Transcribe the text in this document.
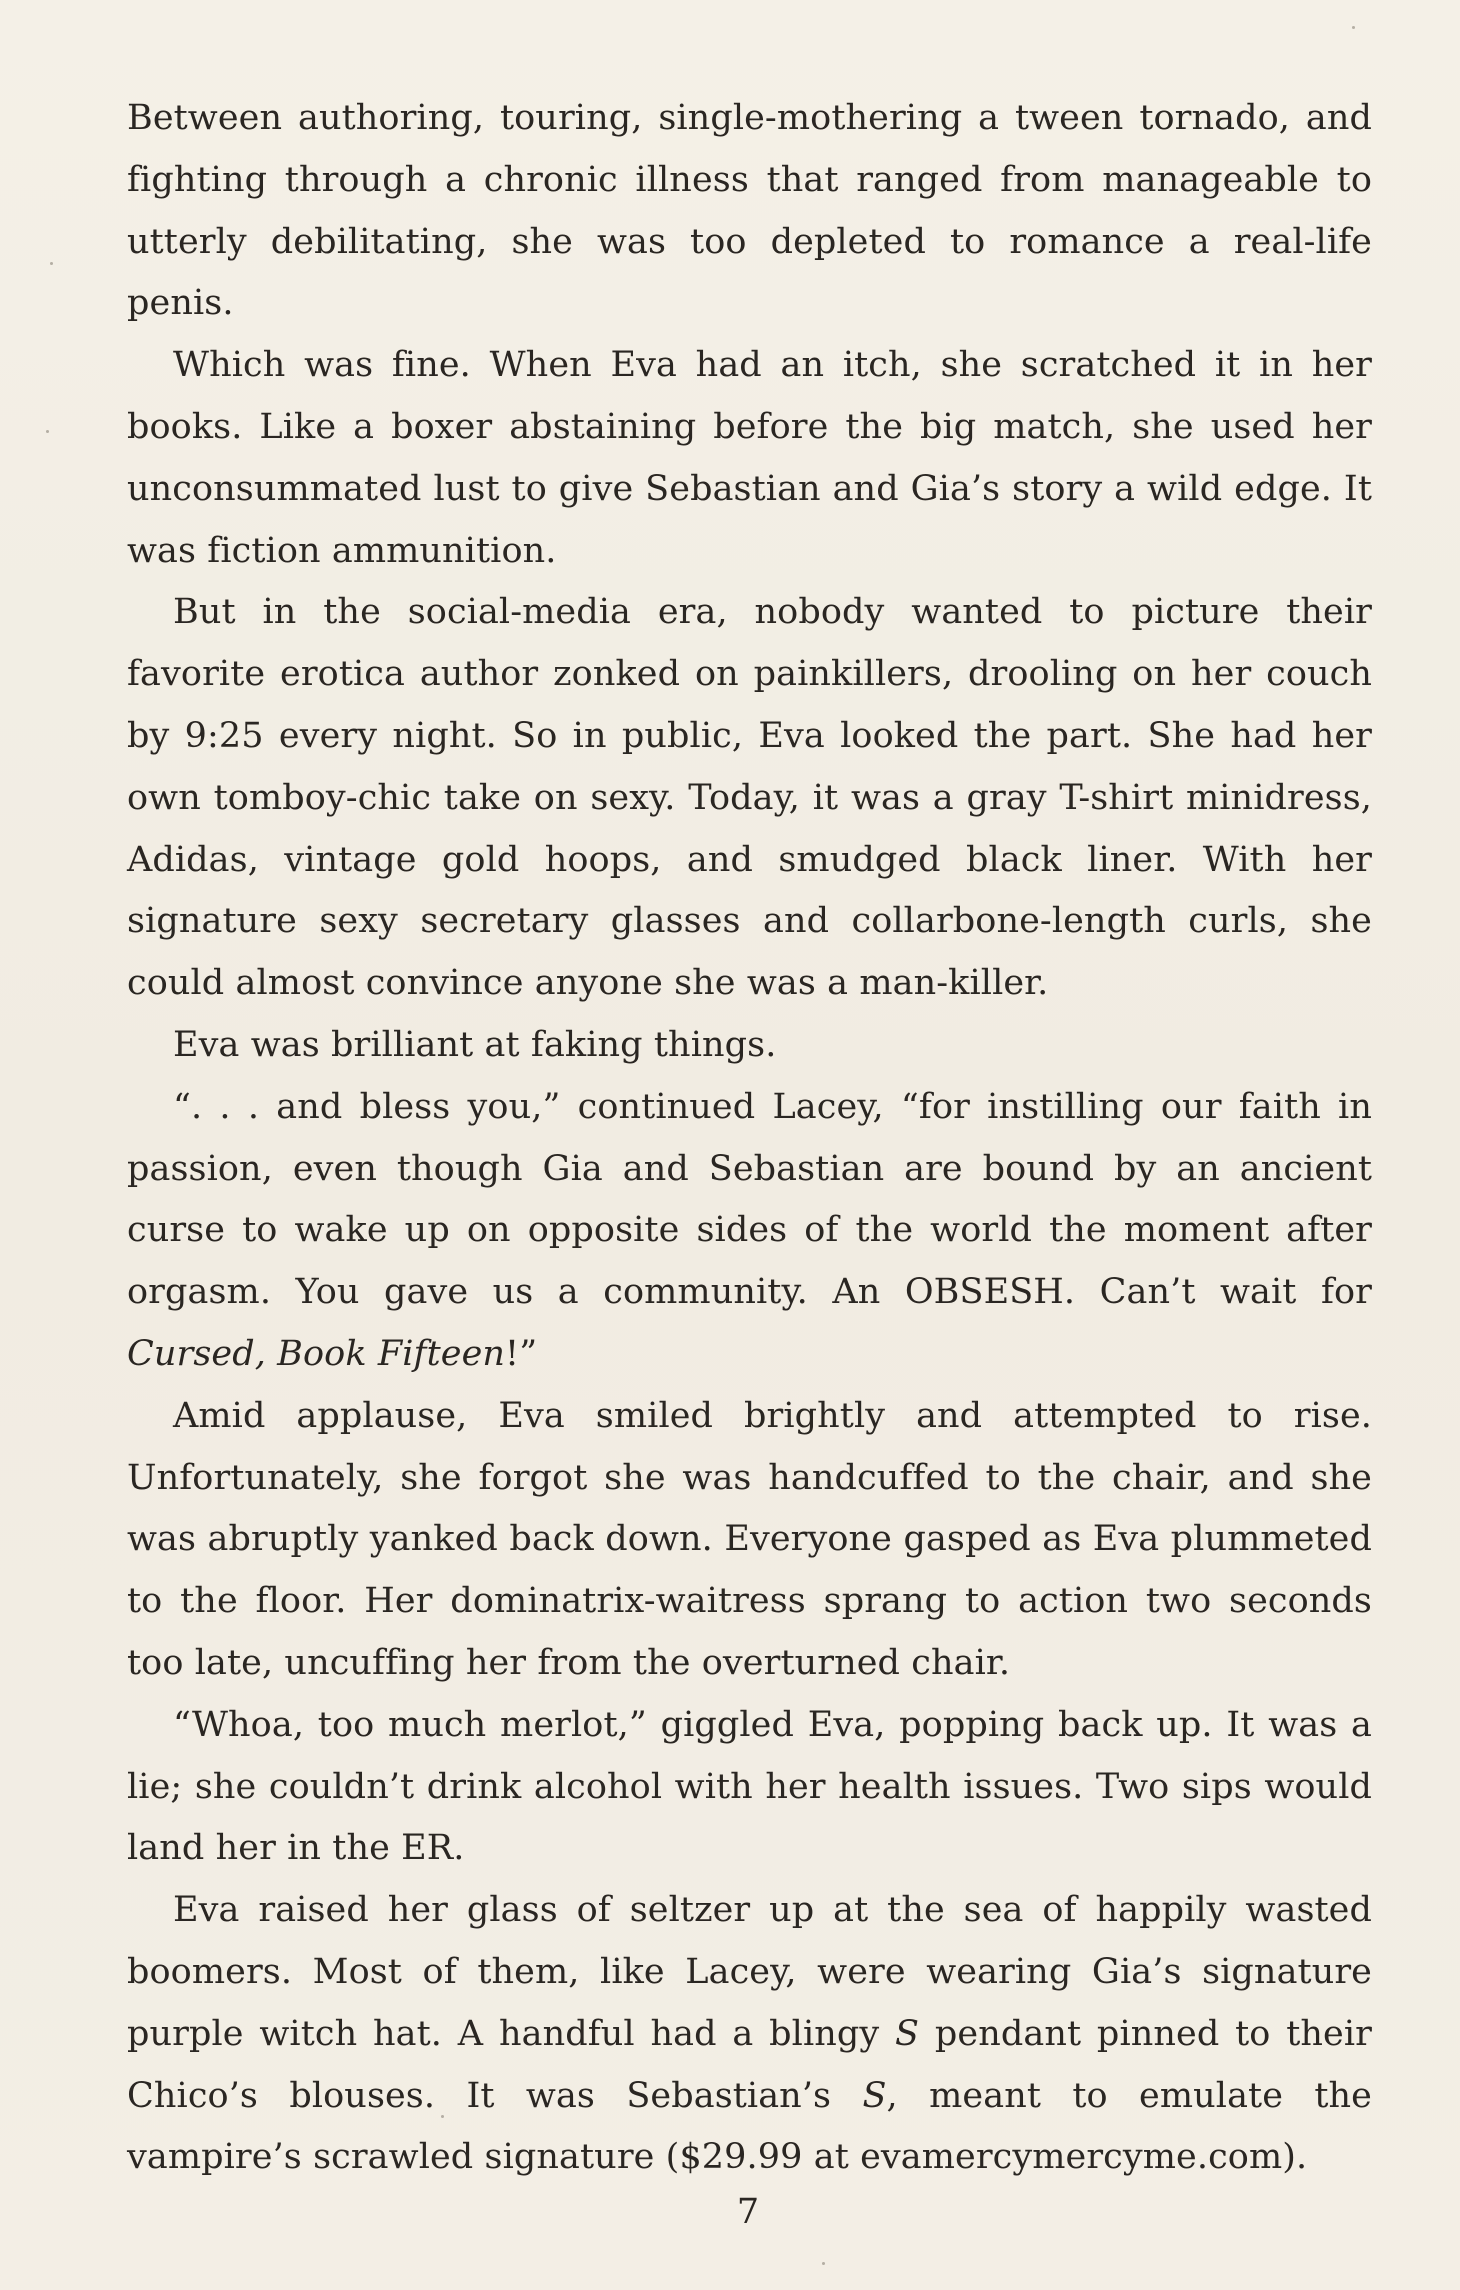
Between authoring, touring, single-mothering a tween tornado, and fighting through a chronic illness that ranged from manageable to utterly debilitating, she was too depleted to romance a real-life penis.

Which was fine. When Eva had an itch, she scratched it in her books. Like a boxer abstaining before the big match, she used her unconsummated lust to give Sebastian and Gia’s story a wild edge. It was fiction ammunition.

But in the social-media era, nobody wanted to picture their favorite erotica author zonked on painkillers, drooling on her couch by 9:25 every night. So in public, Eva looked the part. She had her own tomboy-chic take on sexy. Today, it was a gray T-shirt minidress, Adidas, vintage gold hoops, and smudged black liner. With her signature sexy secretary glasses and collarbone-length curls, she could almost convince anyone she was a man-killer.

Eva was brilliant at faking things.

“. . . and bless you,” continued Lacey, “for instilling our faith in passion, even though Gia and Sebastian are bound by an ancient curse to wake up on opposite sides of the world the moment after orgasm. You gave us a community. An OBSESH. Can’t wait for Cursed, Book Fifteen!”

Amid applause, Eva smiled brightly and attempted to rise. Unfortunately, she forgot she was handcuffed to the chair, and she was abruptly yanked back down. Everyone gasped as Eva plummeted to the floor. Her dominatrix-waitress sprang to action two seconds too late, uncuffing her from the overturned chair.

“Whoa, too much merlot,” giggled Eva, popping back up. It was a lie; she couldn’t drink alcohol with her health issues. Two sips would land her in the ER.

Eva raised her glass of seltzer up at the sea of happily wasted boomers. Most of them, like Lacey, were wearing Gia’s signature purple witch hat. A handful had a blingy S pendant pinned to their Chico’s blouses. It was Sebastian’s S, meant to emulate the vampire’s scrawled signature ($29.99 at evamercymercyme.com).

7
